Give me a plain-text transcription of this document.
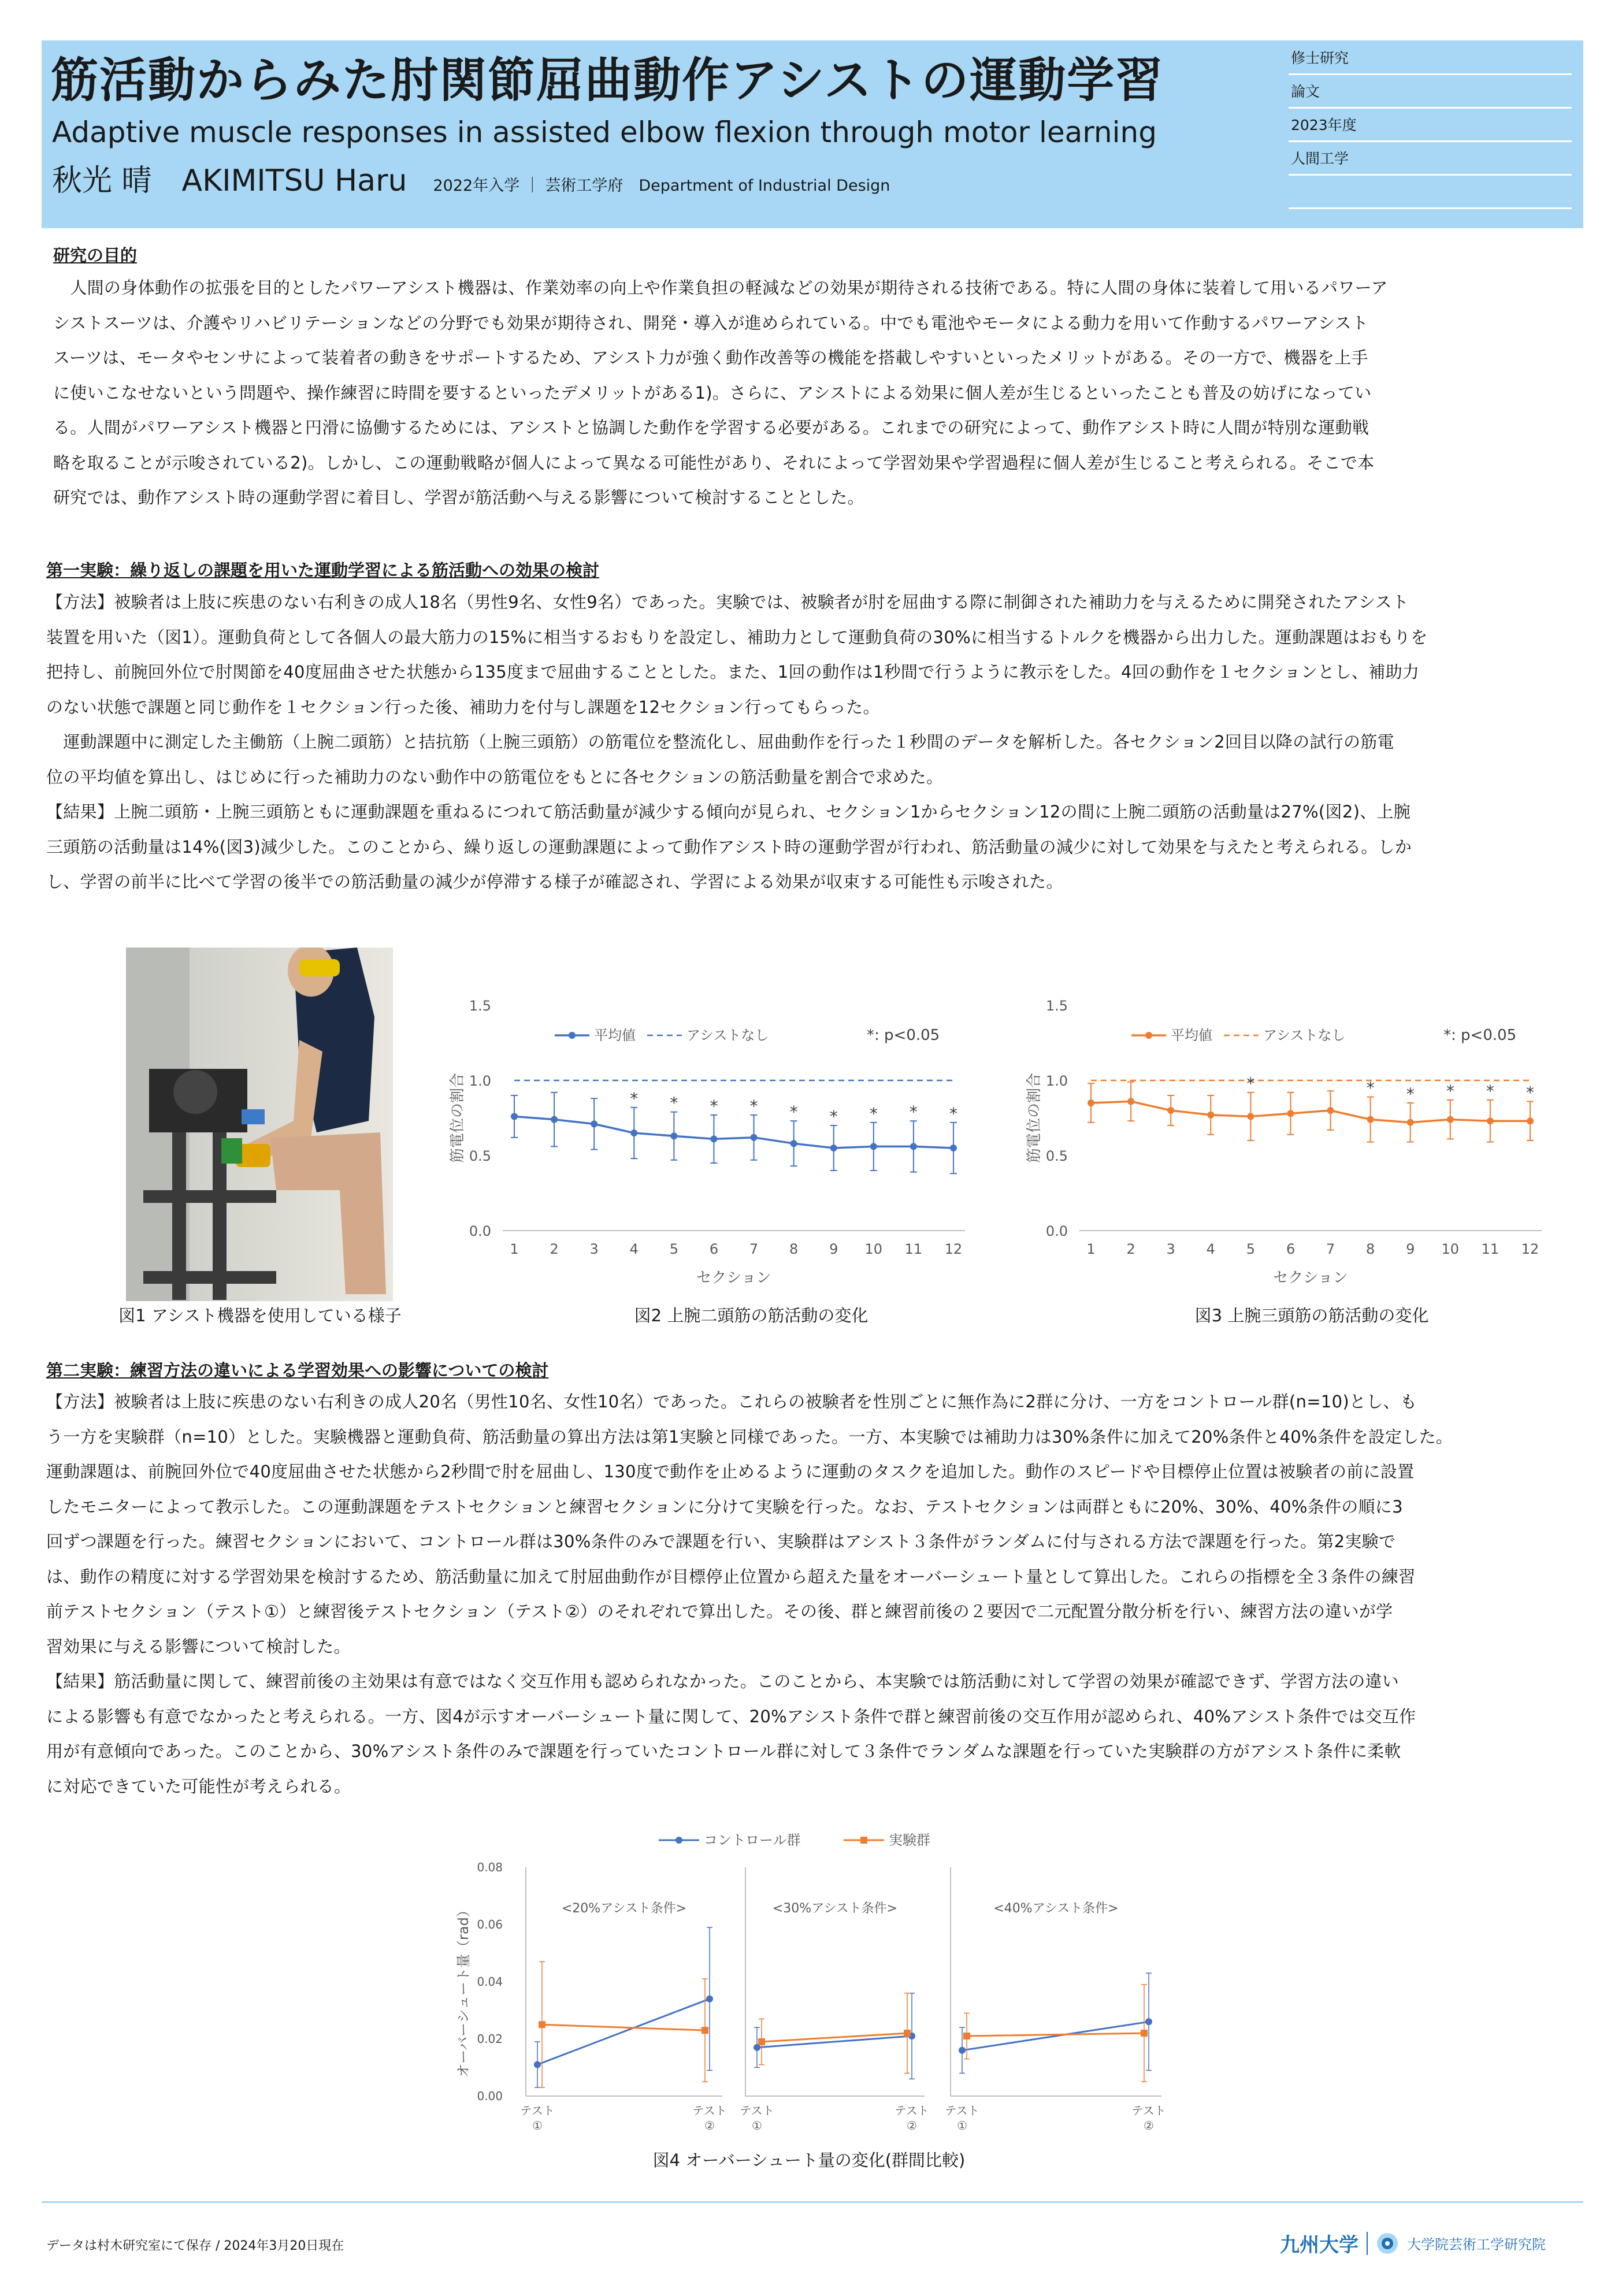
筋活動からみた肘関節屈曲動作アシストの運動学習
Adaptive muscle responses in assisted elbow flexion through motor learning
秋光 晴　AKIMITSU Haru 2022年入学 ｜ 芸術工学府　Department of Industrial Design
修士研究
論文
2023年度
人間工学
研究の目的
　人間の身体動作の拡張を目的としたパワーアシスト機器は、作業効率の向上や作業負担の軽減などの効果が期待される技術である。特に人間の身体に装着して用いるパワーア
シストスーツは、介護やリハビリテーションなどの分野でも効果が期待され、開発・導入が進められている。中でも電池やモータによる動力を用いて作動するパワーアシスト
スーツは、モータやセンサによって装着者の動きをサポートするため、アシスト力が強く動作改善等の機能を搭載しやすいといったメリットがある。その一方で、機器を上手
に使いこなせないという問題や、操作練習に時間を要するといったデメリットがある1)。さらに、アシストによる効果に個人差が生じるといったことも普及の妨げになってい
る。人間がパワーアシスト機器と円滑に協働するためには、アシストと協調した動作を学習する必要がある。これまでの研究によって、動作アシスト時に人間が特別な運動戦
略を取ることが示唆されている2)。しかし、この運動戦略が個人によって異なる可能性があり、それによって学習効果や学習過程に個人差が生じること考えられる。そこで本
研究では、動作アシスト時の運動学習に着目し、学習が筋活動へ与える影響について検討することとした。
第一実験：繰り返しの課題を用いた運動学習による筋活動への効果の検討
【方法】被験者は上肢に疾患のない右利きの成人18名（男性9名、女性9名）であった。実験では、被験者が肘を屈曲する際に制御された補助力を与えるために開発されたアシスト
装置を用いた（図1）。運動負荷として各個人の最大筋力の15%に相当するおもりを設定し、補助力として運動負荷の30%に相当するトルクを機器から出力した。運動課題はおもりを
把持し、前腕回外位で肘関節を40度屈曲させた状態から135度まで屈曲することとした。また、1回の動作は1秒間で行うように教示をした。4回の動作を１セクションとし、補助力
のない状態で課題と同じ動作を１セクション行った後、補助力を付与し課題を12セクション行ってもらった。
　運動課題中に測定した主働筋（上腕二頭筋）と拮抗筋（上腕三頭筋）の筋電位を整流化し、屈曲動作を行った１秒間のデータを解析した。各セクション2回目以降の試行の筋電
位の平均値を算出し、はじめに行った補助力のない動作中の筋電位をもとに各セクションの筋活動量を割合で求めた。
【結果】上腕二頭筋・上腕三頭筋ともに運動課題を重ねるにつれて筋活動量が減少する傾向が見られ、セクション1からセクション12の間に上腕二頭筋の活動量は27%(図2)、上腕
三頭筋の活動量は14%(図3)減少した。このことから、繰り返しの運動課題によって動作アシスト時の運動学習が行われ、筋活動量の減少に対して効果を与えたと考えられる。しか
し、学習の前半に比べて学習の後半での筋活動量の減少が停滞する様子が確認され、学習による効果が収束する可能性も示唆された。
図1 アシスト機器を使用している様子
0.0
0.5
1.0
1.5
1 2 3 4 5 6 7 8 9 10 11 12
セクション
筋電位の割合	* * * * * * * * *
平均値	アシストなし	*: p<0.05
図2 上腕二頭筋の筋活動の変化
0.0
0.5
1.0
1.5
1 2 3 4 5 6 7 8 9 10 11 12
セクション
筋電位の割合	*	* * * * *
平均値	アシストなし	*: p<0.05
図3 上腕三頭筋の筋活動の変化
第二実験：練習方法の違いによる学習効果への影響についての検討
【方法】被験者は上肢に疾患のない右利きの成人20名（男性10名、女性10名）であった。これらの被験者を性別ごとに無作為に2群に分け、一方をコントロール群(n=10)とし、も
う一方を実験群（n=10）とした。実験機器と運動負荷、筋活動量の算出方法は第1実験と同様であった。一方、本実験では補助力は30%条件に加えて20%条件と40%条件を設定した。
運動課題は、前腕回外位で40度屈曲させた状態から2秒間で肘を屈曲し、130度で動作を止めるように運動のタスクを追加した。動作のスピードや目標停止位置は被験者の前に設置
したモニターによって教示した。この運動課題をテストセクションと練習セクションに分けて実験を行った。なお、テストセクションは両群ともに20%、30%、40%条件の順に3
回ずつ課題を行った。練習セクションにおいて、コントロール群は30%条件のみで課題を行い、実験群はアシスト３条件がランダムに付与される方法で課題を行った。第2実験で
は、動作の精度に対する学習効果を検討するため、筋活動量に加えて肘屈曲動作が目標停止位置から超えた量をオーバーシュート量として算出した。これらの指標を全３条件の練習
前テストセクション（テスト①）と練習後テストセクション（テスト②）のそれぞれで算出した。その後、群と練習前後の２要因で二元配置分散分析を行い、練習方法の違いが学
習効果に与える影響について検討した。
【結果】筋活動量に関して、練習前後の主効果は有意ではなく交互作用も認められなかった。このことから、本実験では筋活動に対して学習の効果が確認できず、学習方法の違い
による影響も有意でなかったと考えられる。一方、図4が示すオーバーシュート量に関して、20%アシスト条件で群と練習前後の交互作用が認められ、40%アシスト条件では交互作
用が有意傾向であった。このことから、30%アシスト条件のみで課題を行っていたコントロール群に対して３条件でランダムな課題を行っていた実験群の方がアシスト条件に柔軟
に対応できていた可能性が考えられる。
0.00
0.02
0.04
0.06
0.08
オーバーシュート量（rad）
コントロール群	実験群
<20%アシスト条件>
テスト
①
テスト
②
<30%アシスト条件>
テスト
①
テスト
②
<40%アシスト条件>
テスト
①
テスト
②
図4 オーバーシュート量の変化(群間比較)
データは村木研究室にて保存 / 2024年3月20日現在	九州大学	大学院芸術工学研究院
